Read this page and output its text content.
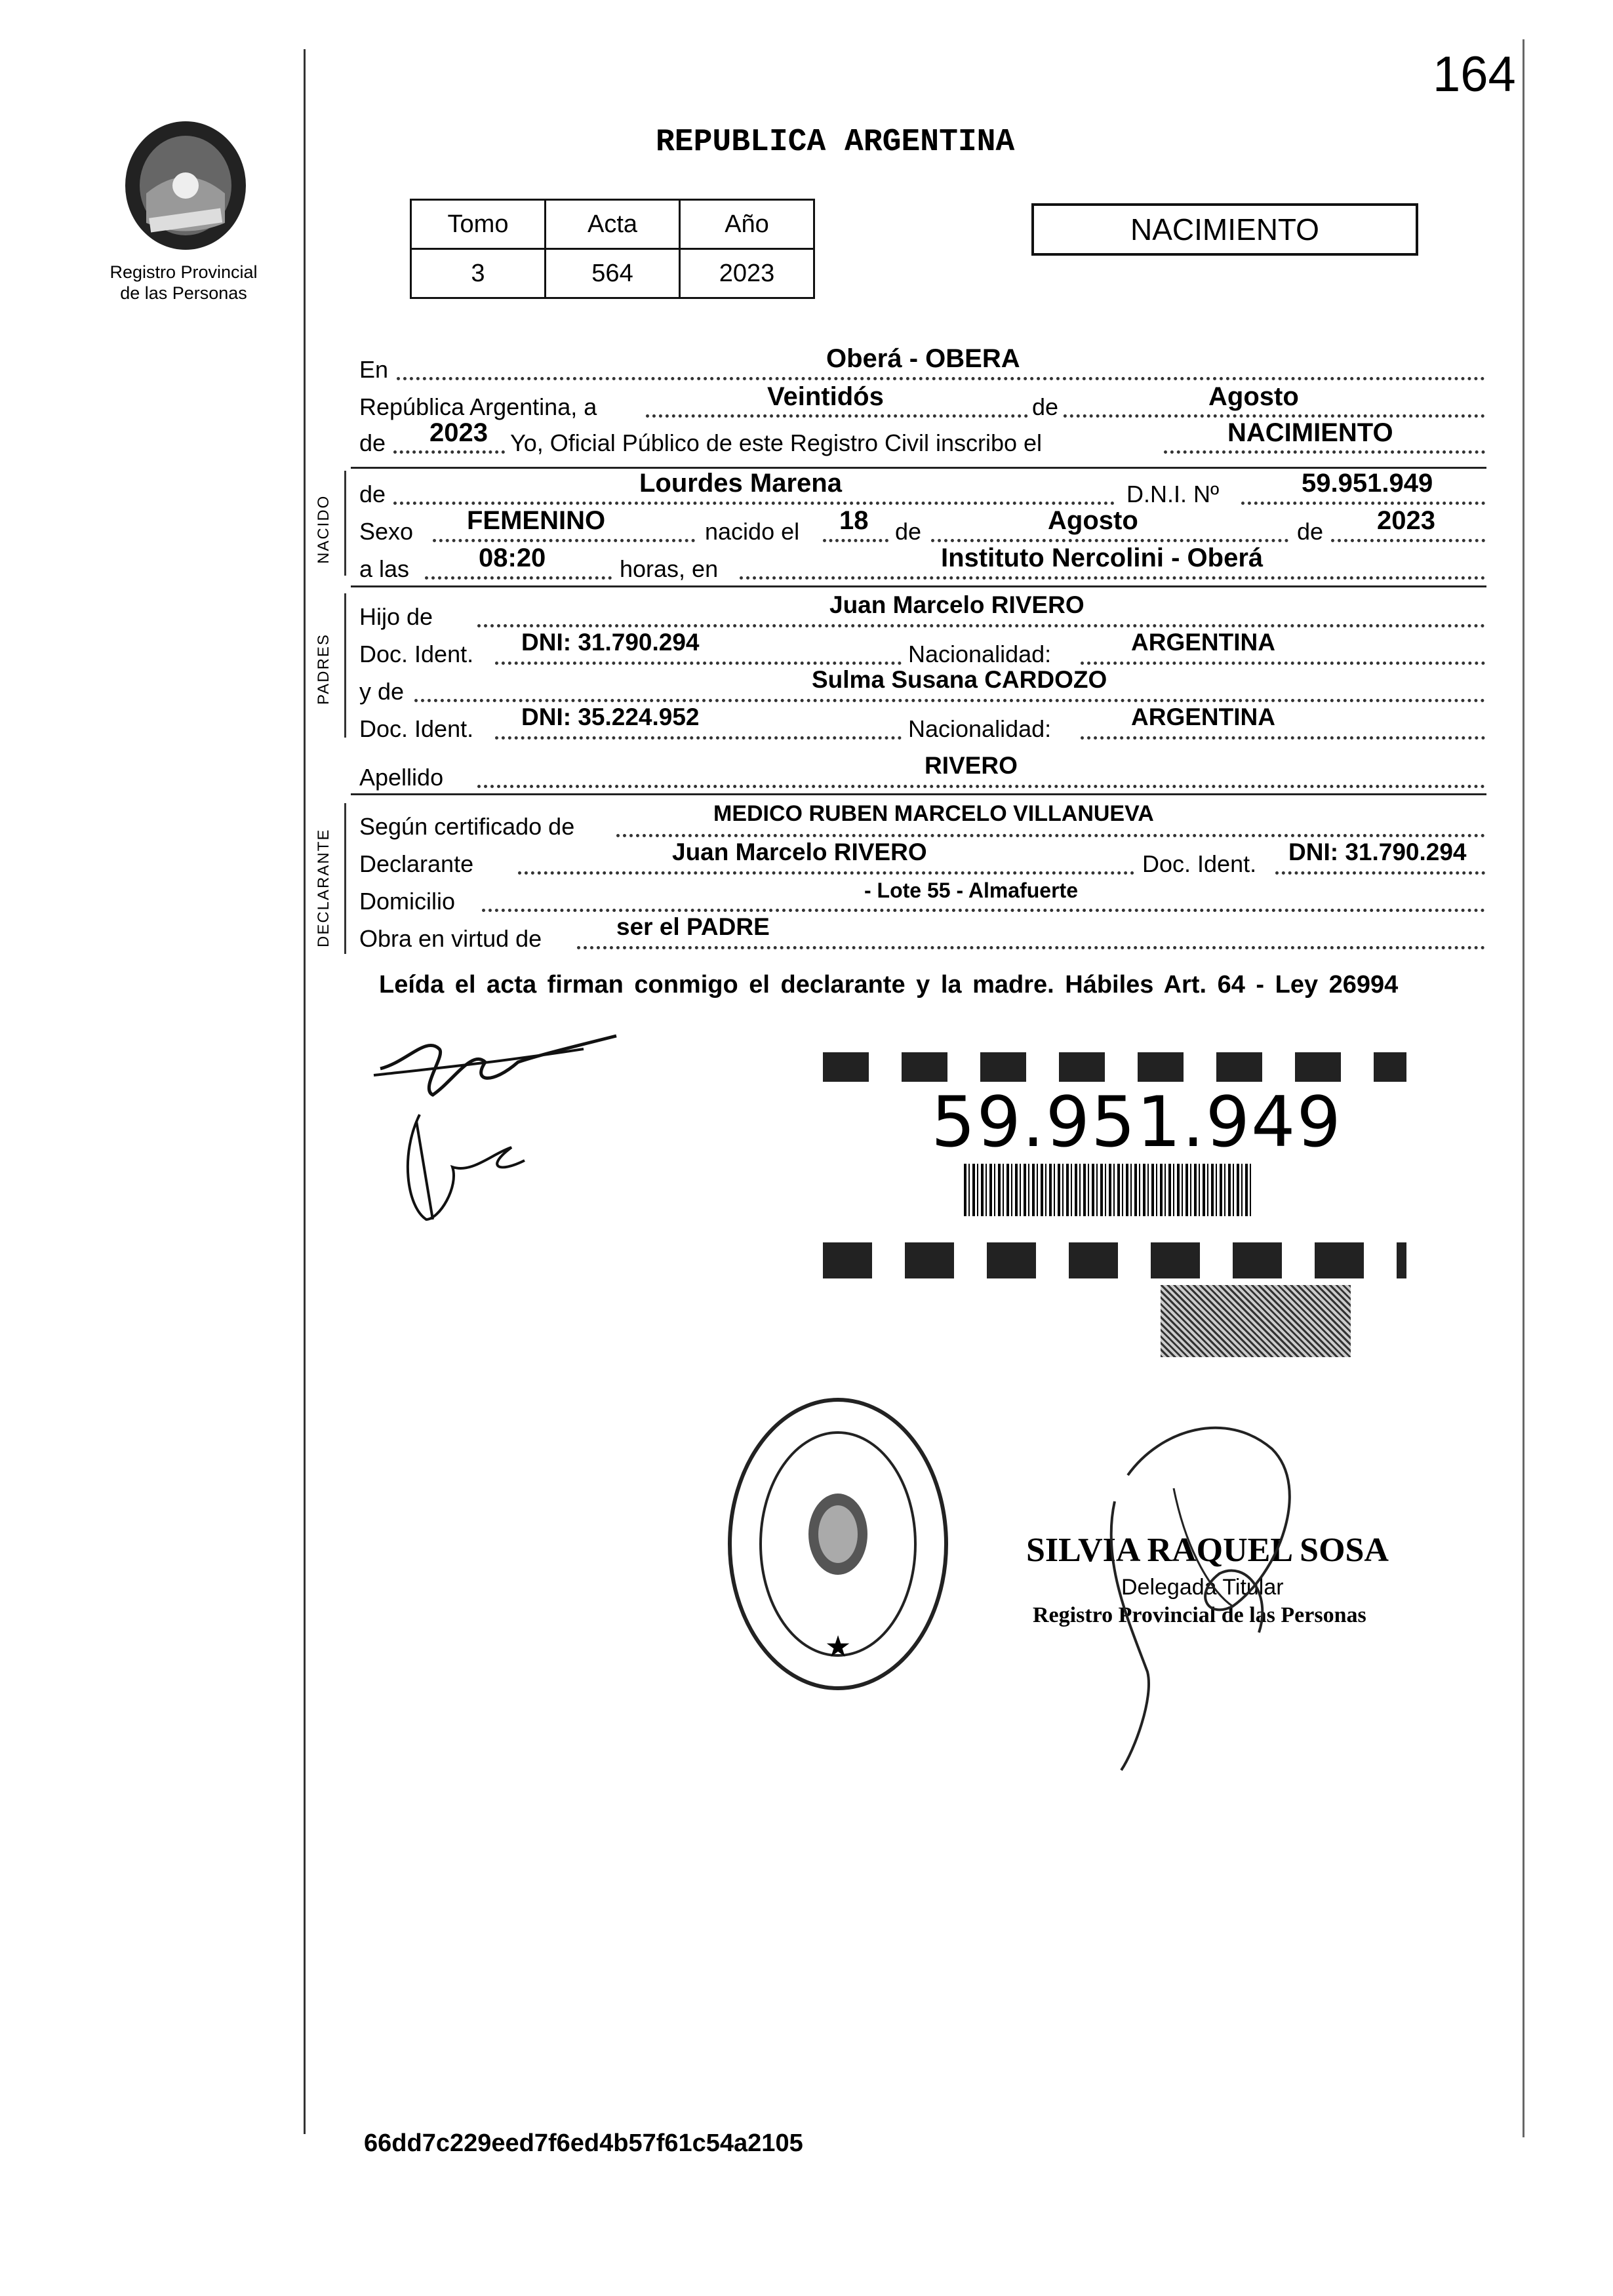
164
Registro Provincial
de las Personas
REPUBLICA ARGENTINA
Tomo	Acta	Año
3	564	2023
NACIMIENTO
En	Oberá - OBERA
República Argentina, a	Veintidós	de	Agosto
de 2023 Yo, Oficial Público de este Registro Civil inscribo el	NACIMIENTO
NACIDO
de	Lourdes Marena	D.N.I. Nº	59.951.949
Sexo FEMENINO	nacido el 18 de	Agosto	de 2023
a las	08:20	horas, en	Instituto Nercolini - Oberá
PADRES
Hijo de	Juan Marcelo RIVERO
Doc. Ident. DNI: 31.790.294	Nacionalidad:	ARGENTINA
y de	Sulma Susana CARDOZO
Doc. Ident. DNI: 35.224.952	Nacionalidad:	ARGENTINA
Apellido	RIVERO
DECLARANTE
Según certificado de	MEDICO RUBEN MARCELO VILLANUEVA
Declarante	Juan Marcelo RIVERO	Doc. Ident. DNI: 31.790.294
Domicilio	- Lote 55 - Almafuerte
Obra en virtud de	ser el PADRE
Leída el acta firman conmigo el declarante y la madre. Hábiles Art. 64 - Ley 26994
59.951.949
★
SILVIA RAQUEL SOSA
Delegada Titular
Registro Provincial de las Personas
66dd7c229eed7f6ed4b57f61c54a2105
